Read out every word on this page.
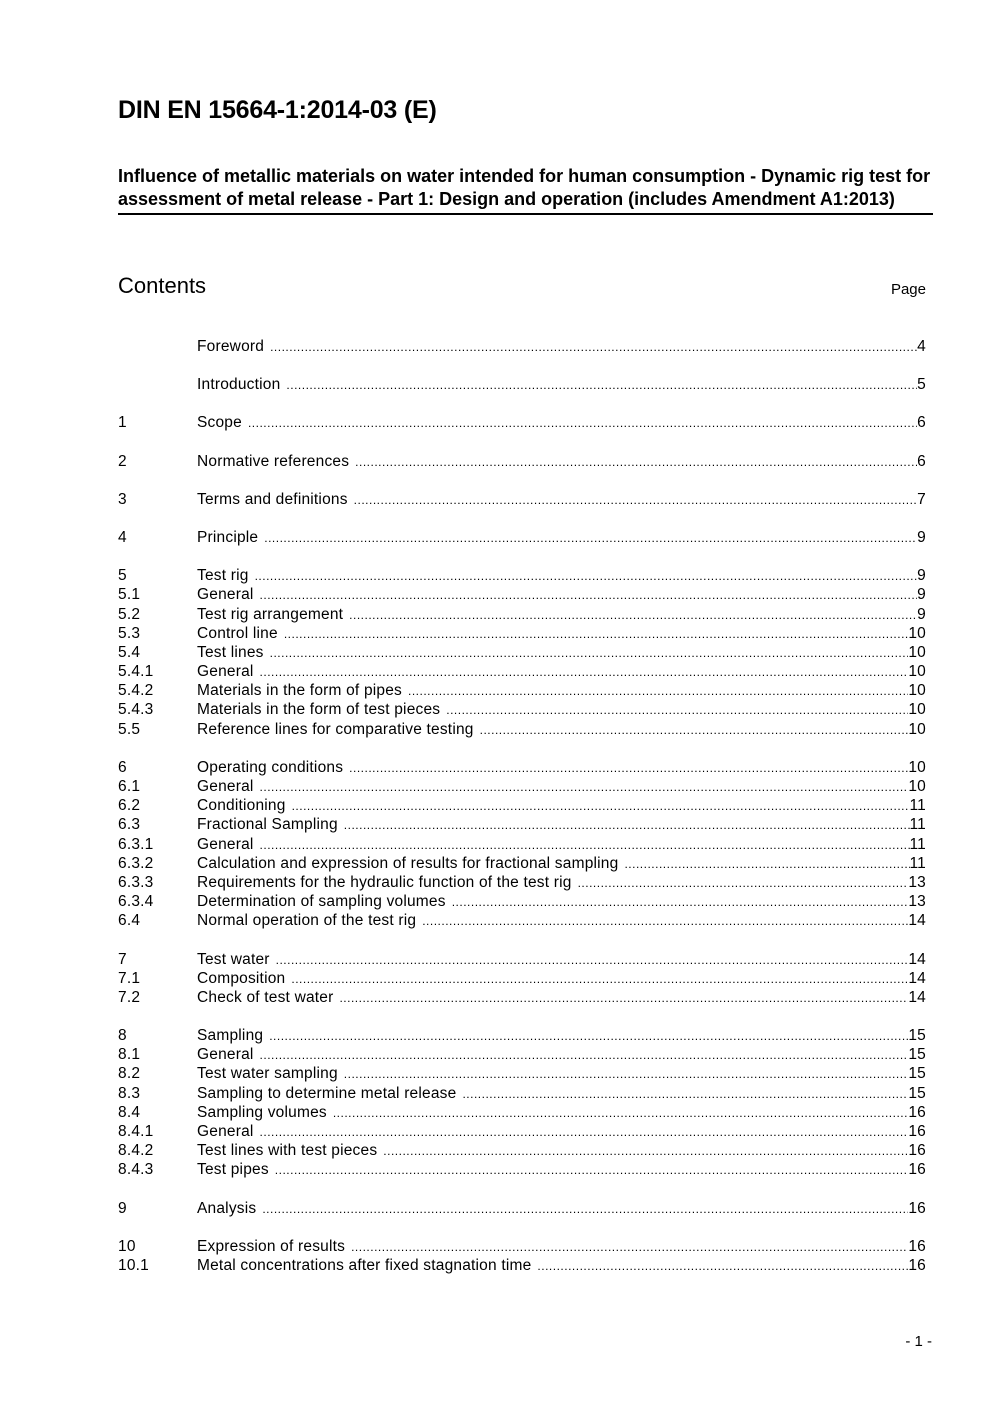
DIN EN 15664-1:2014-03 (E)
Influence of metallic materials on water intended for human consumption - Dynamic rig test for assessment of metal release - Part 1: Design and operation (includes Amendment A1:2013)
Contents	Page
Foreword .....	4
Introduction .....	5
1	Scope .....	6
2	Normative references .....	6
3	Terms and definitions .....	7
4	Principle .....	9
5	Test rig .....	9
5.1	General .....	9
5.2	Test rig arrangement .....	9
5.3	Control line .....	10
5.4	Test lines .....	10
5.4.1	General .....	10
5.4.2	Materials in the form of pipes .....	10
5.4.3	Materials in the form of test pieces .....	10
5.5	Reference lines for comparative testing .....	10
6	Operating conditions .....	10
6.1	General .....	10
6.2	Conditioning .....	11
6.3	Fractional Sampling .....	11
6.3.1	General .....	11
6.3.2	Calculation and expression of results for fractional sampling .....	11
6.3.3	Requirements for the hydraulic function of the test rig .....	13
6.3.4	Determination of sampling volumes .....	13
6.4	Normal operation of the test rig .....	14
7	Test water .....	14
7.1	Composition .....	14
7.2	Check of test water .....	14
8	Sampling .....	15
8.1	General .....	15
8.2	Test water sampling .....	15
8.3	Sampling to determine metal release .....	15
8.4	Sampling volumes .....	16
8.4.1	General .....	16
8.4.2	Test lines with test pieces .....	16
8.4.3	Test pipes .....	16
9	Analysis .....	16
10	Expression of results .....	16
10.1	Metal concentrations after fixed stagnation time .....	16
- 1 -
